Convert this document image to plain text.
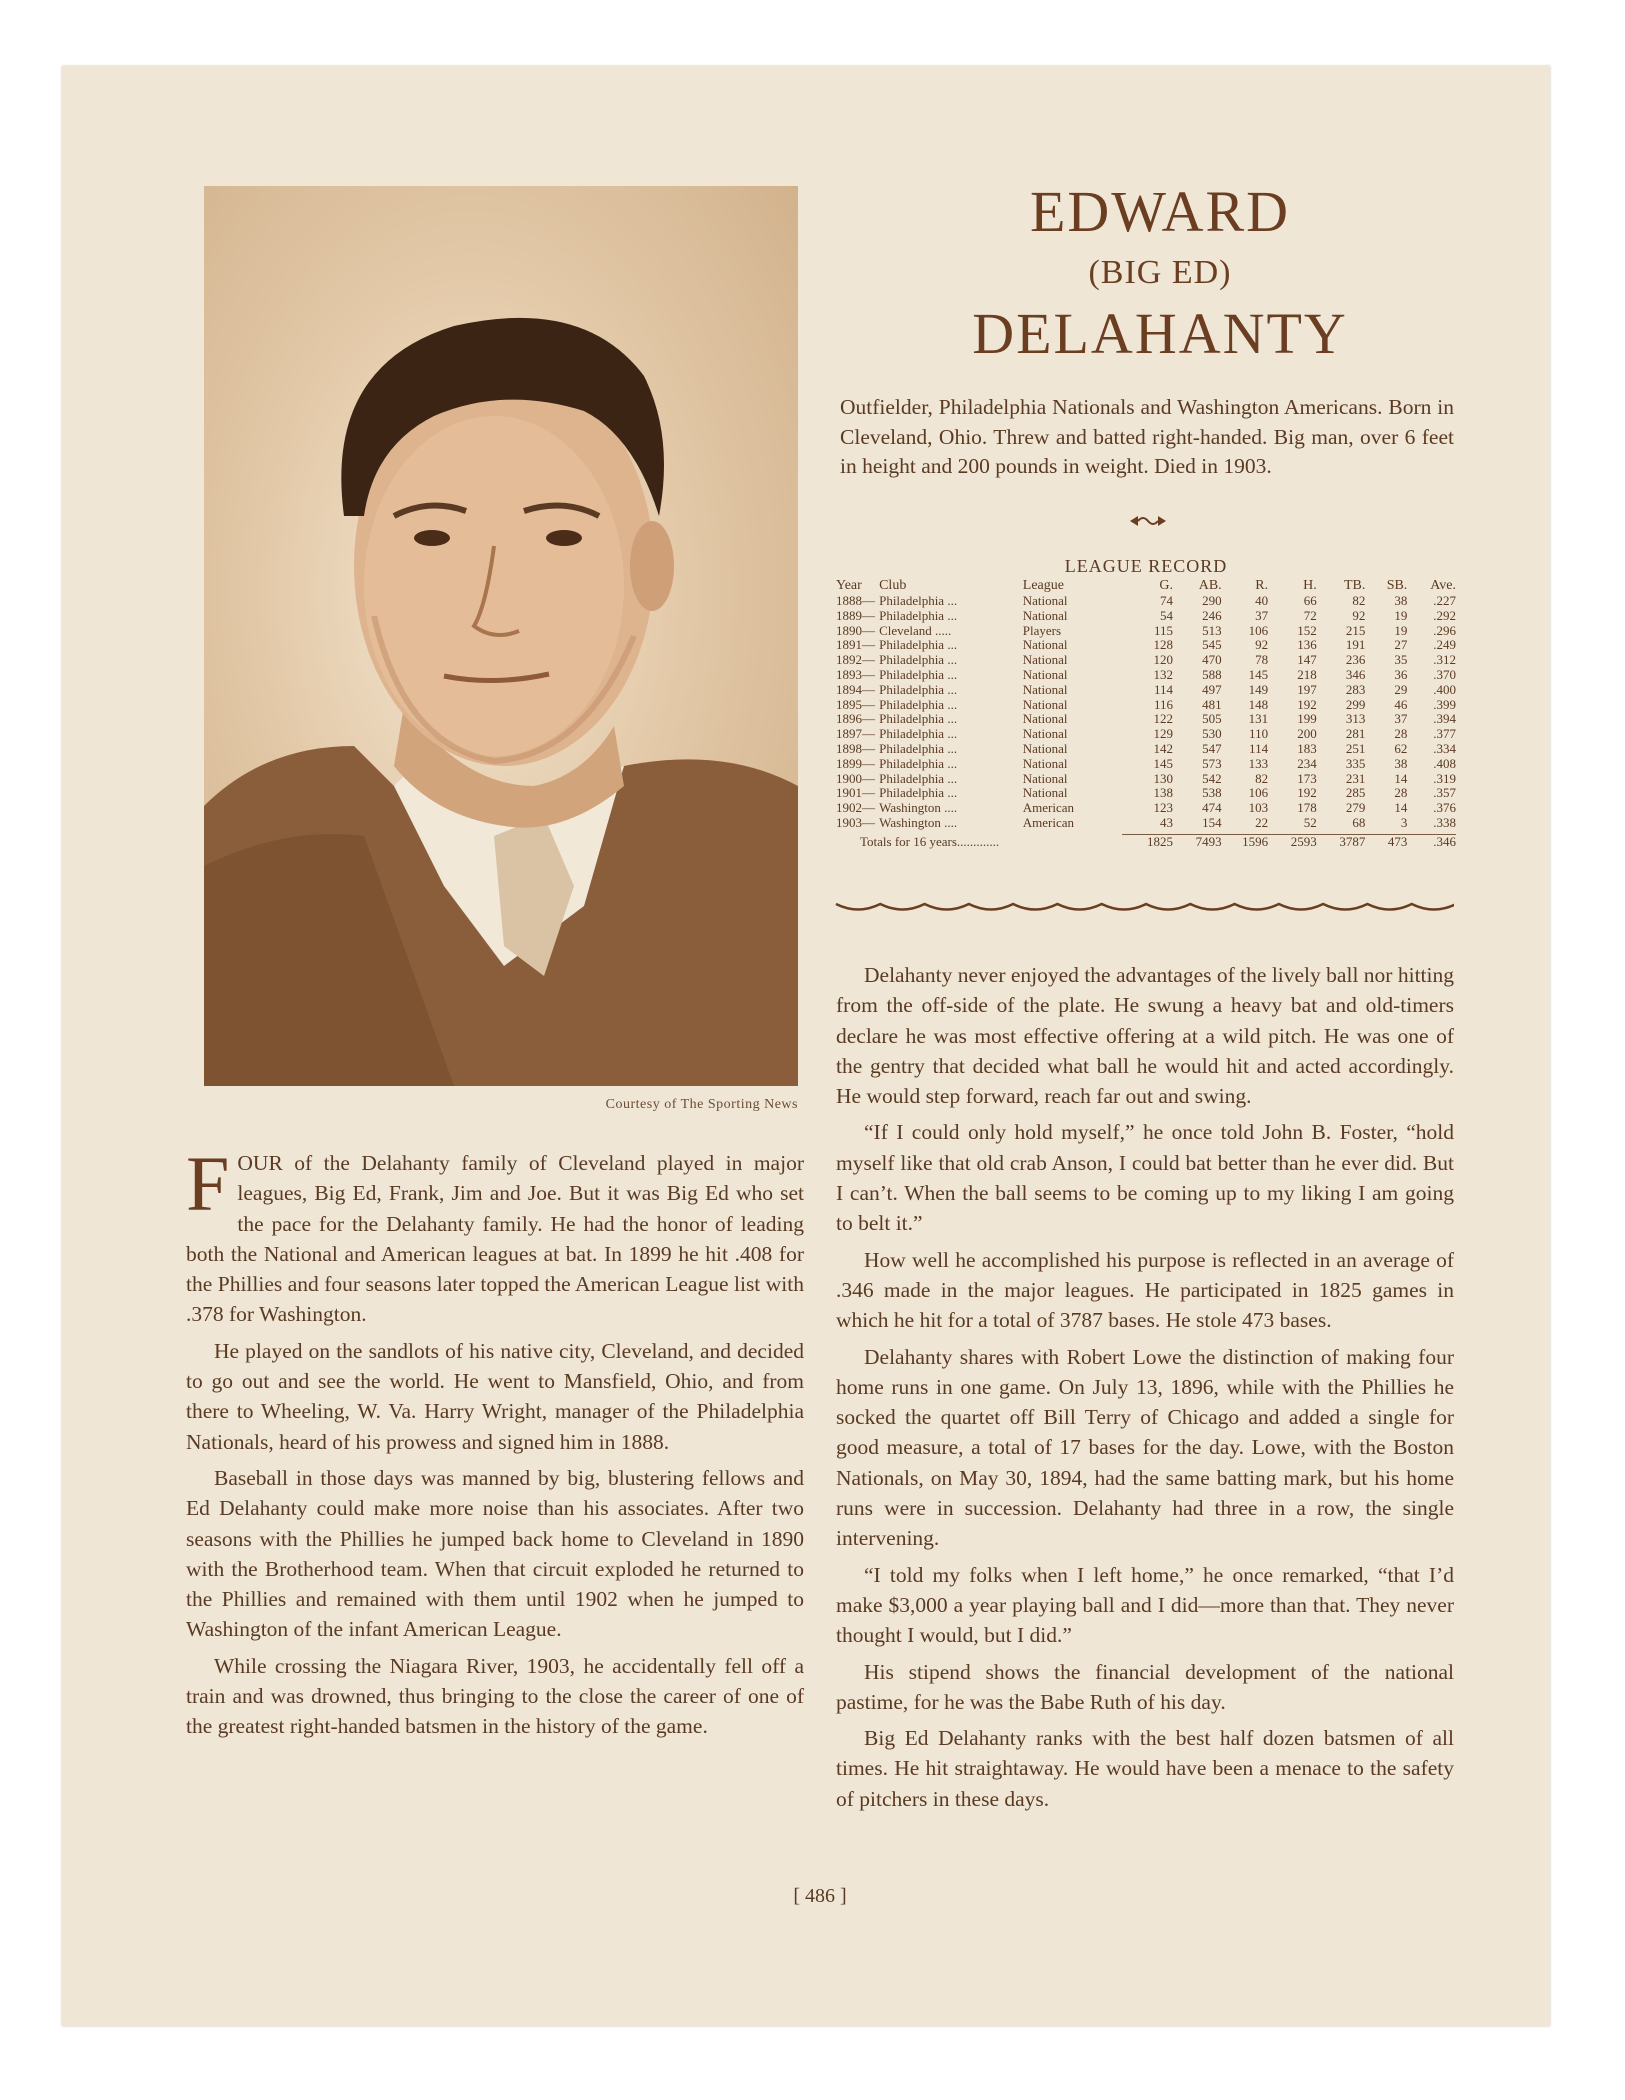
Courtesy of The Sporting News
EDWARD
(BIG ED)
DELAHANTY
Outfielder, Philadelphia Nationals and Washington Americans. Born in Cleveland, Ohio. Threw and batted right-handed. Big man, over 6 feet in height and 200 pounds in weight. Died in 1903.
LEAGUE RECORD
Year	Club	League	G.	AB.	R.	H.	TB.	SB.	Ave.
1888—	Philadelphia ...	National	74	290	40	66	82	38	.227
1889—	Philadelphia ...	National	54	246	37	72	92	19	.292
1890—	Cleveland .....	Players	115	513	106	152	215	19	.296
1891—	Philadelphia ...	National	128	545	92	136	191	27	.249
1892—	Philadelphia ...	National	120	470	78	147	236	35	.312
1893—	Philadelphia ...	National	132	588	145	218	346	36	.370
1894—	Philadelphia ...	National	114	497	149	197	283	29	.400
1895—	Philadelphia ...	National	116	481	148	192	299	46	.399
1896—	Philadelphia ...	National	122	505	131	199	313	37	.394
1897—	Philadelphia ...	National	129	530	110	200	281	28	.377
1898—	Philadelphia ...	National	142	547	114	183	251	62	.334
1899—	Philadelphia ...	National	145	573	133	234	335	38	.408
1900—	Philadelphia ...	National	130	542	82	173	231	14	.319
1901—	Philadelphia ...	National	138	538	106	192	285	28	.357
1902—	Washington ....	American	123	474	103	178	279	14	.376
1903—	Washington ....	American	43	154	22	52	68	3	.338

Totals for 16 years.............			1825	7493	1596	2593	3787	473	.346

FOUR of the Delahanty family of Cleveland played in major leagues, Big Ed, Frank, Jim and Joe. But it was Big Ed who set the pace for the Delahanty family. He had the honor of leading both the National and American leagues at bat. In 1899 he hit .408 for the Phillies and four seasons later topped the American League list with .378 for Washington.

He played on the sandlots of his native city, Cleveland, and decided to go out and see the world. He went to Mansfield, Ohio, and from there to Wheeling, W. Va. Harry Wright, manager of the Philadelphia Nationals, heard of his prowess and signed him in 1888.

Baseball in those days was manned by big, blustering fellows and Ed Delahanty could make more noise than his associates. After two seasons with the Phillies he jumped back home to Cleveland in 1890 with the Brotherhood team. When that circuit exploded he returned to the Phillies and remained with them until 1902 when he jumped to Washington of the infant American League.

While crossing the Niagara River, 1903, he accidentally fell off a train and was drowned, thus bringing to the close the career of one of the greatest right-handed batsmen in the history of the game.

Delahanty never enjoyed the advantages of the lively ball nor hitting from the off-side of the plate. He swung a heavy bat and old-timers declare he was most effective offering at a wild pitch. He was one of the gentry that decided what ball he would hit and acted accordingly. He would step forward, reach far out and swing.

“If I could only hold myself,” he once told John B. Foster, “hold myself like that old crab Anson, I could bat better than he ever did. But I can’t. When the ball seems to be coming up to my liking I am going to belt it.”

How well he accomplished his purpose is reflected in an average of .346 made in the major leagues. He participated in 1825 games in which he hit for a total of 3787 bases. He stole 473 bases.

Delahanty shares with Robert Lowe the distinction of making four home runs in one game. On July 13, 1896, while with the Phillies he socked the quartet off Bill Terry of Chicago and added a single for good measure, a total of 17 bases for the day. Lowe, with the Boston Nationals, on May 30, 1894, had the same batting mark, but his home runs were in succession. Delahanty had three in a row, the single intervening.

“I told my folks when I left home,” he once remarked, “that I’d make $3,000 a year playing ball and I did—more than that. They never thought I would, but I did.”

His stipend shows the financial development of the national pastime, for he was the Babe Ruth of his day.

Big Ed Delahanty ranks with the best half dozen batsmen of all times. He hit straightaway. He would have been a menace to the safety of pitchers in these days.

[ 486 ]
